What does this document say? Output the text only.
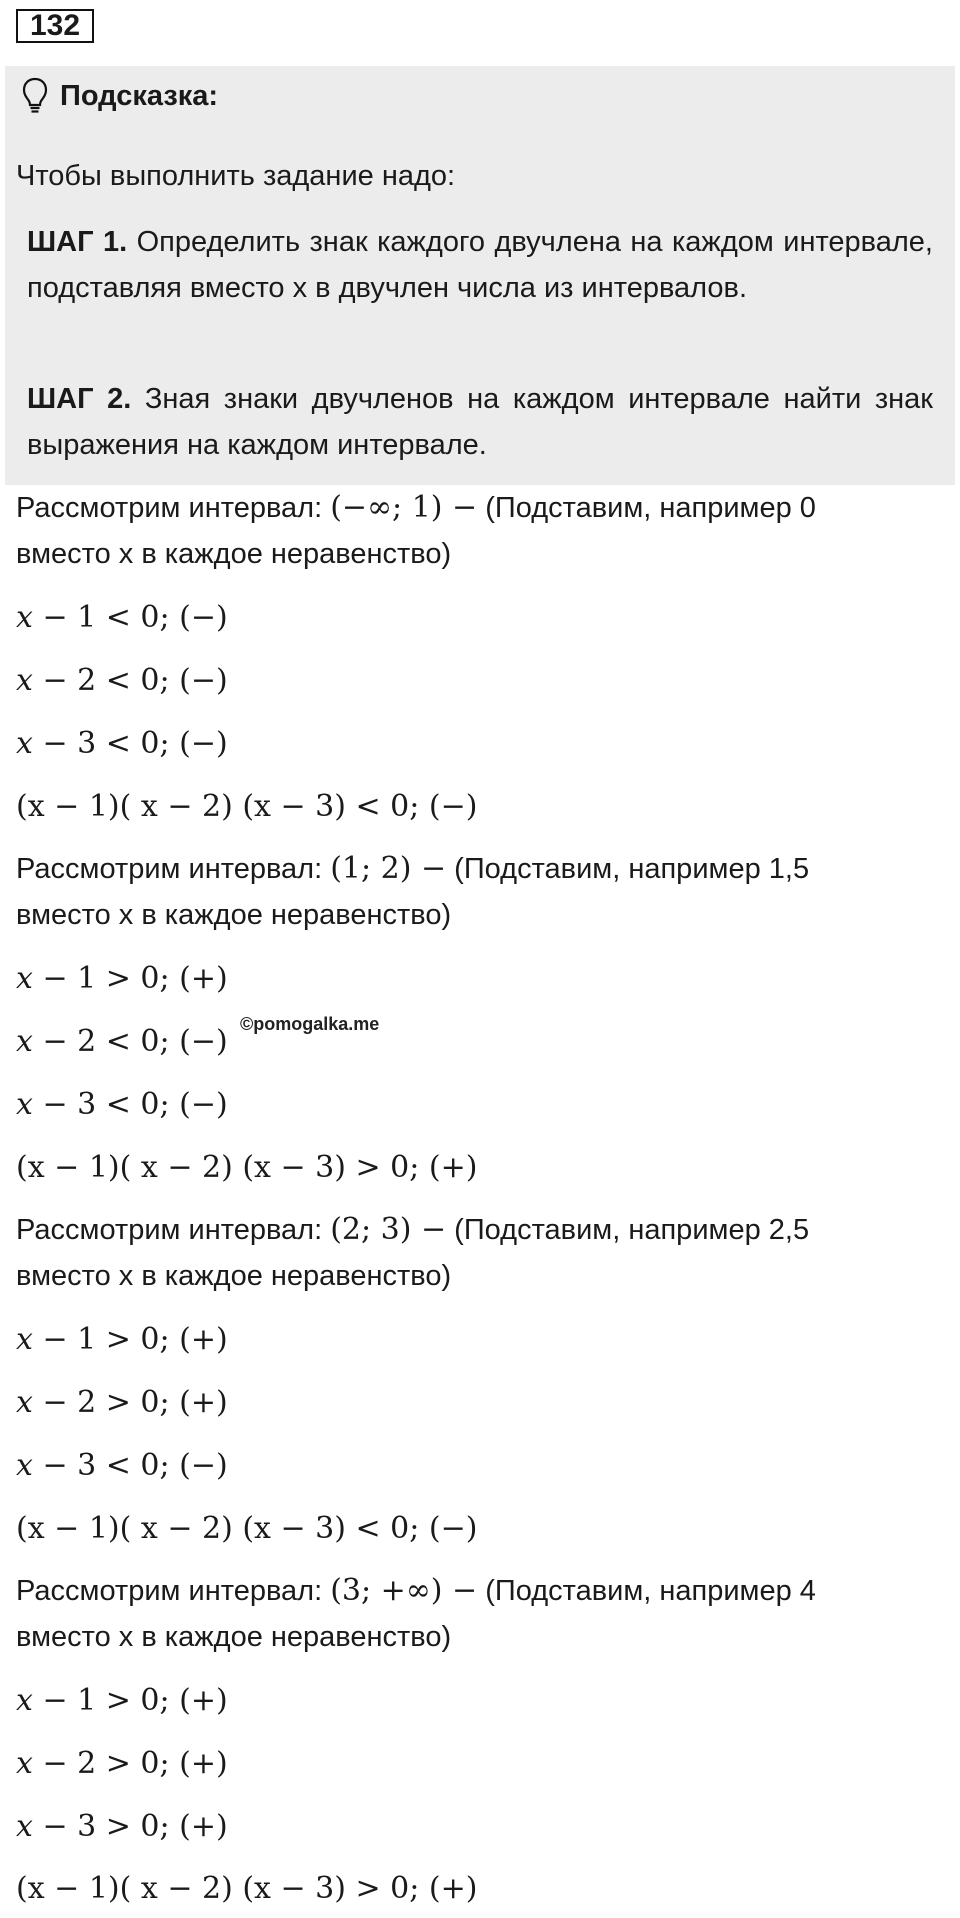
132
Подсказка:
Чтобы выполнить задание надо:
ШАГ 1. Определить знак каждого двучлена на каждом интервале, подставляя вместо x в двучлен числа из интервалов.
ШАГ 2. Зная знаки двучленов на каждом интервале найти знак выражения на каждом интервале.
Рассмотрим интервал: (−∞; 1) − (Подставим, например 0
вместо х в каждое неравенство)
x − 1 < 0; (−)
x − 2 < 0; (−)
x − 3 < 0; (−)
(x − 1)( x − 2) (x − 3) < 0; (−)
Рассмотрим интервал: (1; 2) − (Подставим, например 1,5
вместо х в каждое неравенство)
x − 1 > 0; (+)
x − 2 < 0; (−)
x − 3 < 0; (−)
(x − 1)( x − 2) (x − 3) > 0; (+)
Рассмотрим интервал: (2; 3) − (Подставим, например 2,5
вместо х в каждое неравенство)
x − 1 > 0; (+)
x − 2 > 0; (+)
x − 3 < 0; (−)
(x − 1)( x − 2) (x − 3) < 0; (−)
Рассмотрим интервал: (3; +∞) − (Подставим, например 4
вместо х в каждое неравенство)
x − 1 > 0; (+)
x − 2 > 0; (+)
x − 3 > 0; (+)
(x − 1)( x − 2) (x − 3) > 0; (+)
©pomogalka.me
